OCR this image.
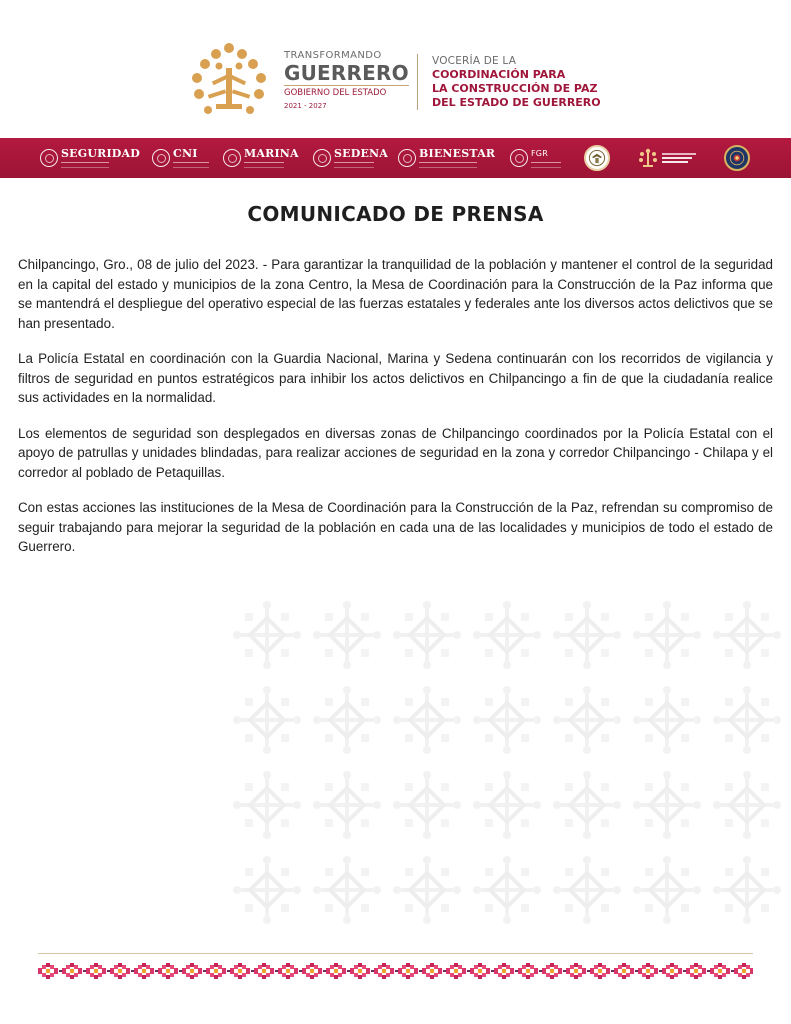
TRANSFORMANDO
GUERRERO
GOBIERNO DEL ESTADO
2021 - 2027
VOCERÍA DE LA
COORDINACIÓN PARA
LA CONSTRUCCIÓN DE PAZ
DEL ESTADO DE GUERRERO
SEGURIDAD	CNI	MARINA	SEDENA	BIENESTAR	FGR
COMUNICADO DE PRENSA

Chilpancingo, Gro., 08 de julio del 2023. - Para garantizar la tranquilidad de la población y mantener el control de la seguridad en la capital del estado y municipios de la zona Centro, la Mesa de Coordinación para la Construcción de la Paz informa que se mantendrá el despliegue del operativo especial de las fuerzas estatales y federales ante los diversos actos delictivos que se han presentado.

La Policía Estatal en coordinación con la Guardia Nacional, Marina y Sedena continuarán con los recorridos de vigilancia y filtros de seguridad en puntos estratégicos para inhibir los actos delictivos en Chilpancingo a fin de que la ciudadanía realice sus actividades en la normalidad.

Los elementos de seguridad son desplegados en diversas zonas de Chilpancingo coordinados por la Policía Estatal con el apoyo de patrullas y unidades blindadas, para realizar acciones de seguridad en la zona y corredor Chilpancingo - Chilapa y el corredor al poblado de Petaquillas.

Con estas acciones las instituciones de la Mesa de Coordinación para la Construcción de la Paz, refrendan su compromiso de seguir trabajando para mejorar la seguridad de la población en cada una de las localidades y municipios de todo el estado de Guerrero.
